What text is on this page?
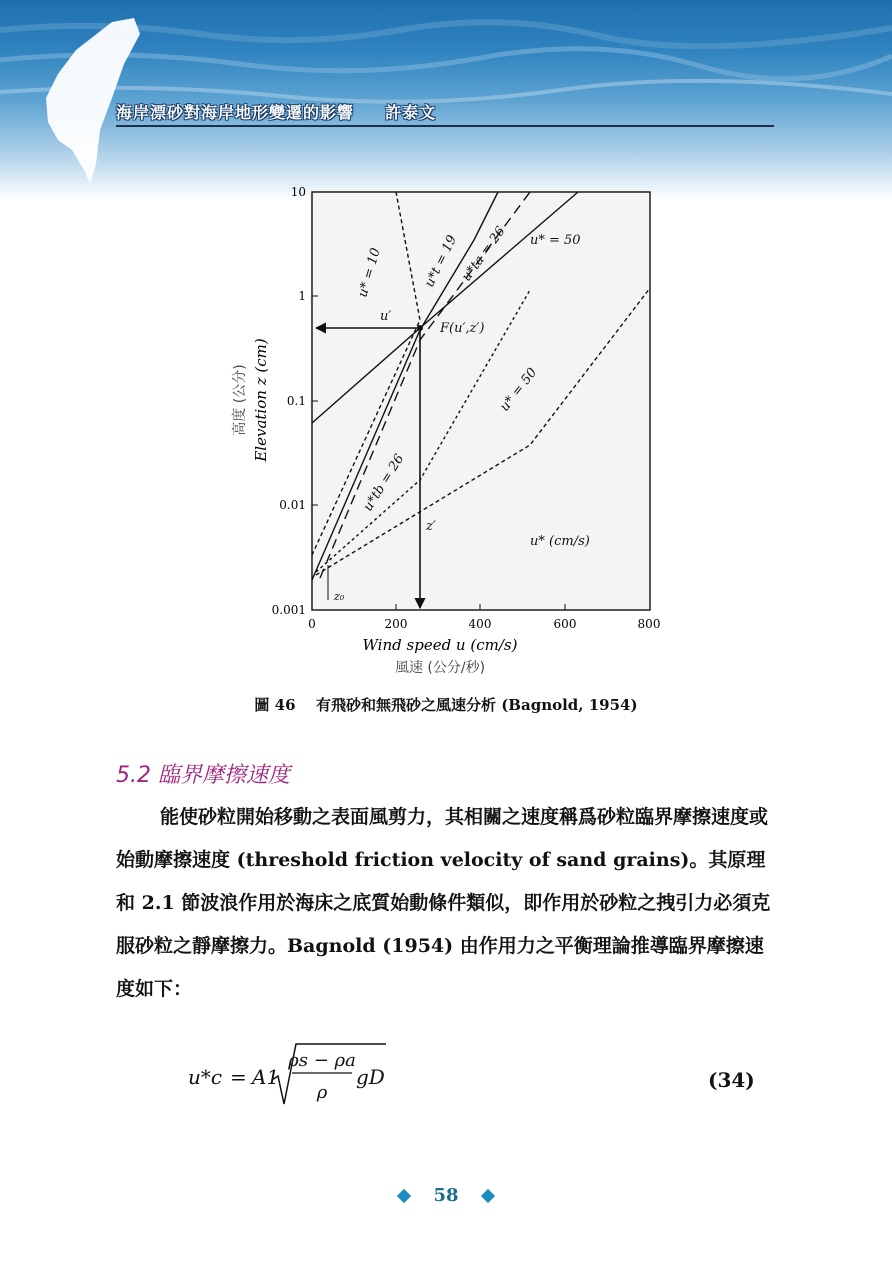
海岸漂砂對海岸地形變遷的影響 許泰文
10
1
0.1
0.01
0.001
0	200	400	600	800
Wind speed u (cm/s)
風速 (公分/秒)
Elevation z (cm)
高度 (公分)
u′
z′
F(u′,z′)
z₀
u* (cm/s)
u* = 50
u* = 10	u*t = 19 u*ta = 26
u* = 50
u*tb = 26
圖 46 有飛砂和無飛砂之風速分析 (Bagnold, 1954)
5.2 臨界摩擦速度

能使砂粒開始移動之表面風剪力，其相關之速度稱爲砂粒臨界摩擦速度或始動摩擦速度 (threshold friction velocity of sand grains)。其原理和 2.1 節波浪作用於海床之底質始動條件類似，即作用於砂粒之拽引力必須克服砂粒之靜摩擦力。Bagnold (1954) 由作用力之平衡理論推導臨界摩擦速度如下：

u*c = A1
ρs − ρa
ρ
gD	(34)
58
